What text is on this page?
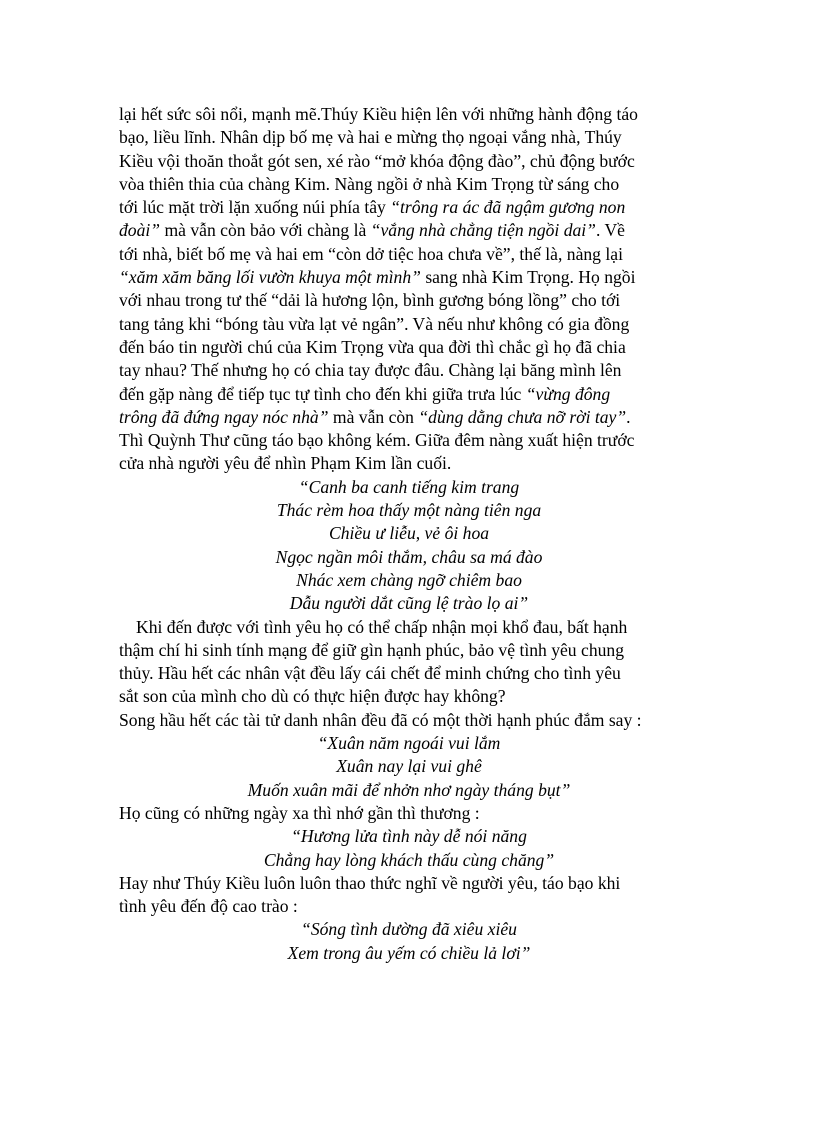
lại hết sức sôi nổi, mạnh mẽ.Thúy Kiều hiện lên với những hành động táo
bạo, liều lĩnh. Nhân dịp bố mẹ và hai e mừng thọ ngoại vắng nhà, Thúy
Kiều vội thoăn thoắt gót sen, xé rào “mở khóa động đào”, chủ động bước
vòa thiên thia của chàng Kim. Nàng ngồi ở nhà Kim Trọng từ sáng cho
tới lúc mặt trời lặn xuống núi phía tây “trông ra ác đã ngậm gương non
đoài” mà vẫn còn bảo với chàng là “vắng nhà chẳng tiện ngồi dai”. Về
tới nhà, biết bố mẹ và hai em “còn dở tiệc hoa chưa về”, thế là, nàng lại
“xăm xăm băng lối vườn khuya một mình” sang nhà Kim Trọng. Họ ngồi
với nhau trong tư thế “dải là hương lộn, bình gương bóng lồng” cho tới
tang tảng khi “bóng tàu vừa lạt vẻ ngân”. Và nếu như không có gia đồng
đến báo tin người chú của Kim Trọng vừa qua đời thì chắc gì họ đã chia
tay nhau? Thế nhưng họ có chia tay được đâu. Chàng lại băng mình lên
đến gặp nàng để tiếp tục tự tình cho đến khi giữa trưa lúc “vừng đông
trông đã đứng ngay nóc nhà” mà vẫn còn “dùng dằng chưa nỡ rời tay”.
Thì Quỳnh Thư cũng táo bạo không kém. Giữa đêm nàng xuất hiện trước
cửa nhà người yêu để nhìn Phạm Kim lần cuối.
“Canh ba canh tiếng kim trang
Thác rèm hoa thấy một nàng tiên nga
Chiều ư liễu, vẻ ôi hoa
Ngọc ngần môi thắm, châu sa má đào
Nhác xem chàng ngỡ chiêm bao
Dẫu người dắt cũng lệ trào lọ ai”
Khi đến được với tình yêu họ có thể chấp nhận mọi khổ đau, bất hạnh
thậm chí hi sinh tính mạng để giữ gìn hạnh phúc, bảo vệ tình yêu chung
thủy. Hầu hết các nhân vật đều lấy cái chết để minh chứng cho tình yêu
sắt son của mình cho dù có thực hiện được hay không?
Song hầu hết các tài tử danh nhân đều đã có một thời hạnh phúc đắm say :
“Xuân năm ngoái vui lắm
Xuân nay lại vui ghê
Muốn xuân mãi để nhởn nhơ ngày tháng bụt”
Họ cũng có những ngày xa thì nhớ gần thì thương :
“Hương lửa tình này dễ nói năng
Chẳng hay lòng khách thấu cùng chăng”
Hay như Thúy Kiều luôn luôn thao thức nghĩ về người yêu, táo bạo khi
tình yêu đến độ cao trào :
“Sóng tình dường đã xiêu xiêu
Xem trong âu yếm có chiều lả lơi”
